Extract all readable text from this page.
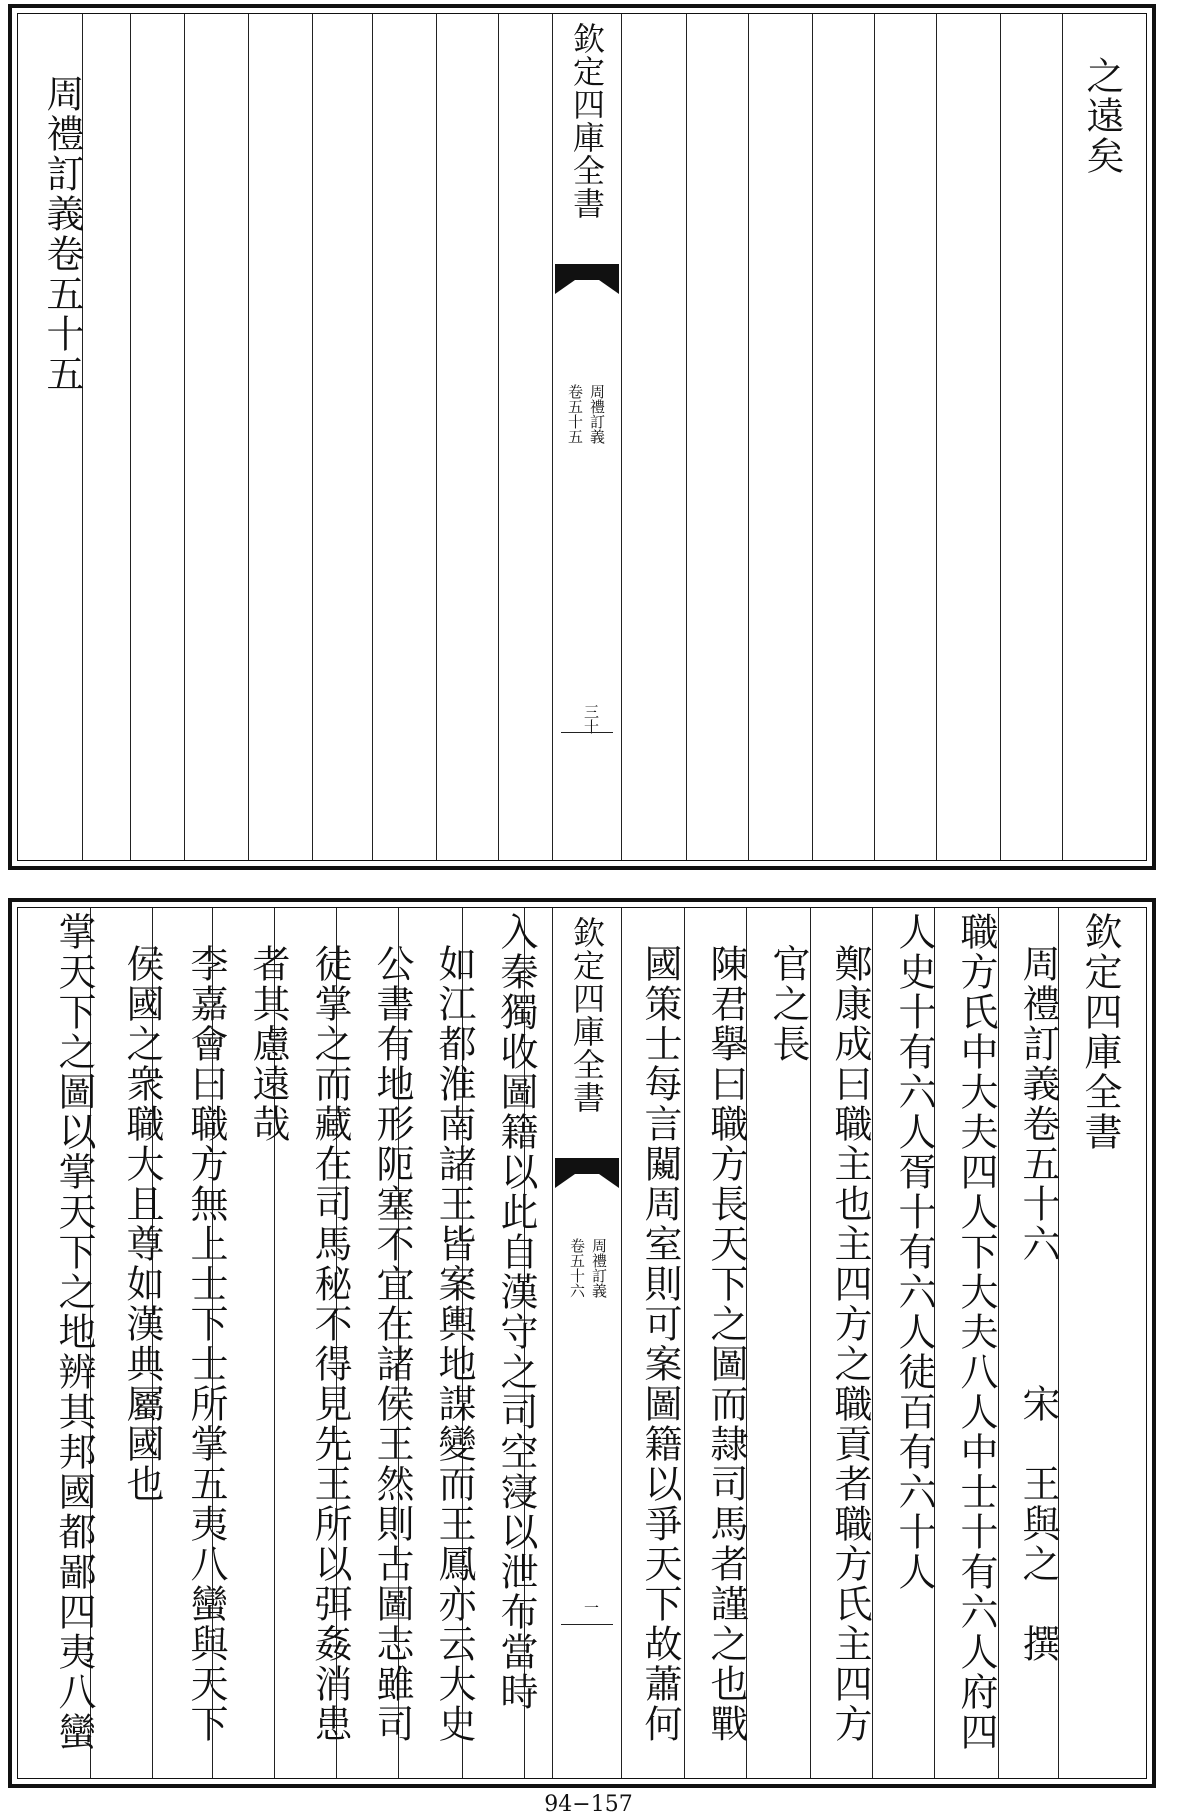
欽定四庫全書
周禮訂義
卷五十五
三十
之遠矣
周禮訂義卷五十五
欽定四庫全書
周禮訂義
卷五十六
一
欽定四庫全書
周禮訂義卷五十六　　　宋　王與之　撰
職方氏中大夫四人下大夫八人中士十有六人府四
人史十有六人胥十有六人徒百有六十人
鄭康成曰職主也主四方之職貢者職方氏主四方
官之長
陳君擧曰職方長天下之圖而隷司馬者謹之也戰
國策士每言闚周室則可案圖籍以爭天下故蕭何
入秦獨收圖籍以此自漢守之司空寖以泄布當時
如江都淮南諸王皆案輿地謀變而王鳳亦云大史
公書有地形阨塞不宜在諸侯王然則古圖志雖司
徒掌之而藏在司馬秘不得見先王所以弭姦消患
者其慮遠哉
李嘉會曰職方無上士下士所掌五夷八蠻與天下
侯國之衆職大且尊如漢典屬國也
掌天下之圖以掌天下之地辨其邦國都鄙四夷八蠻
94−157
